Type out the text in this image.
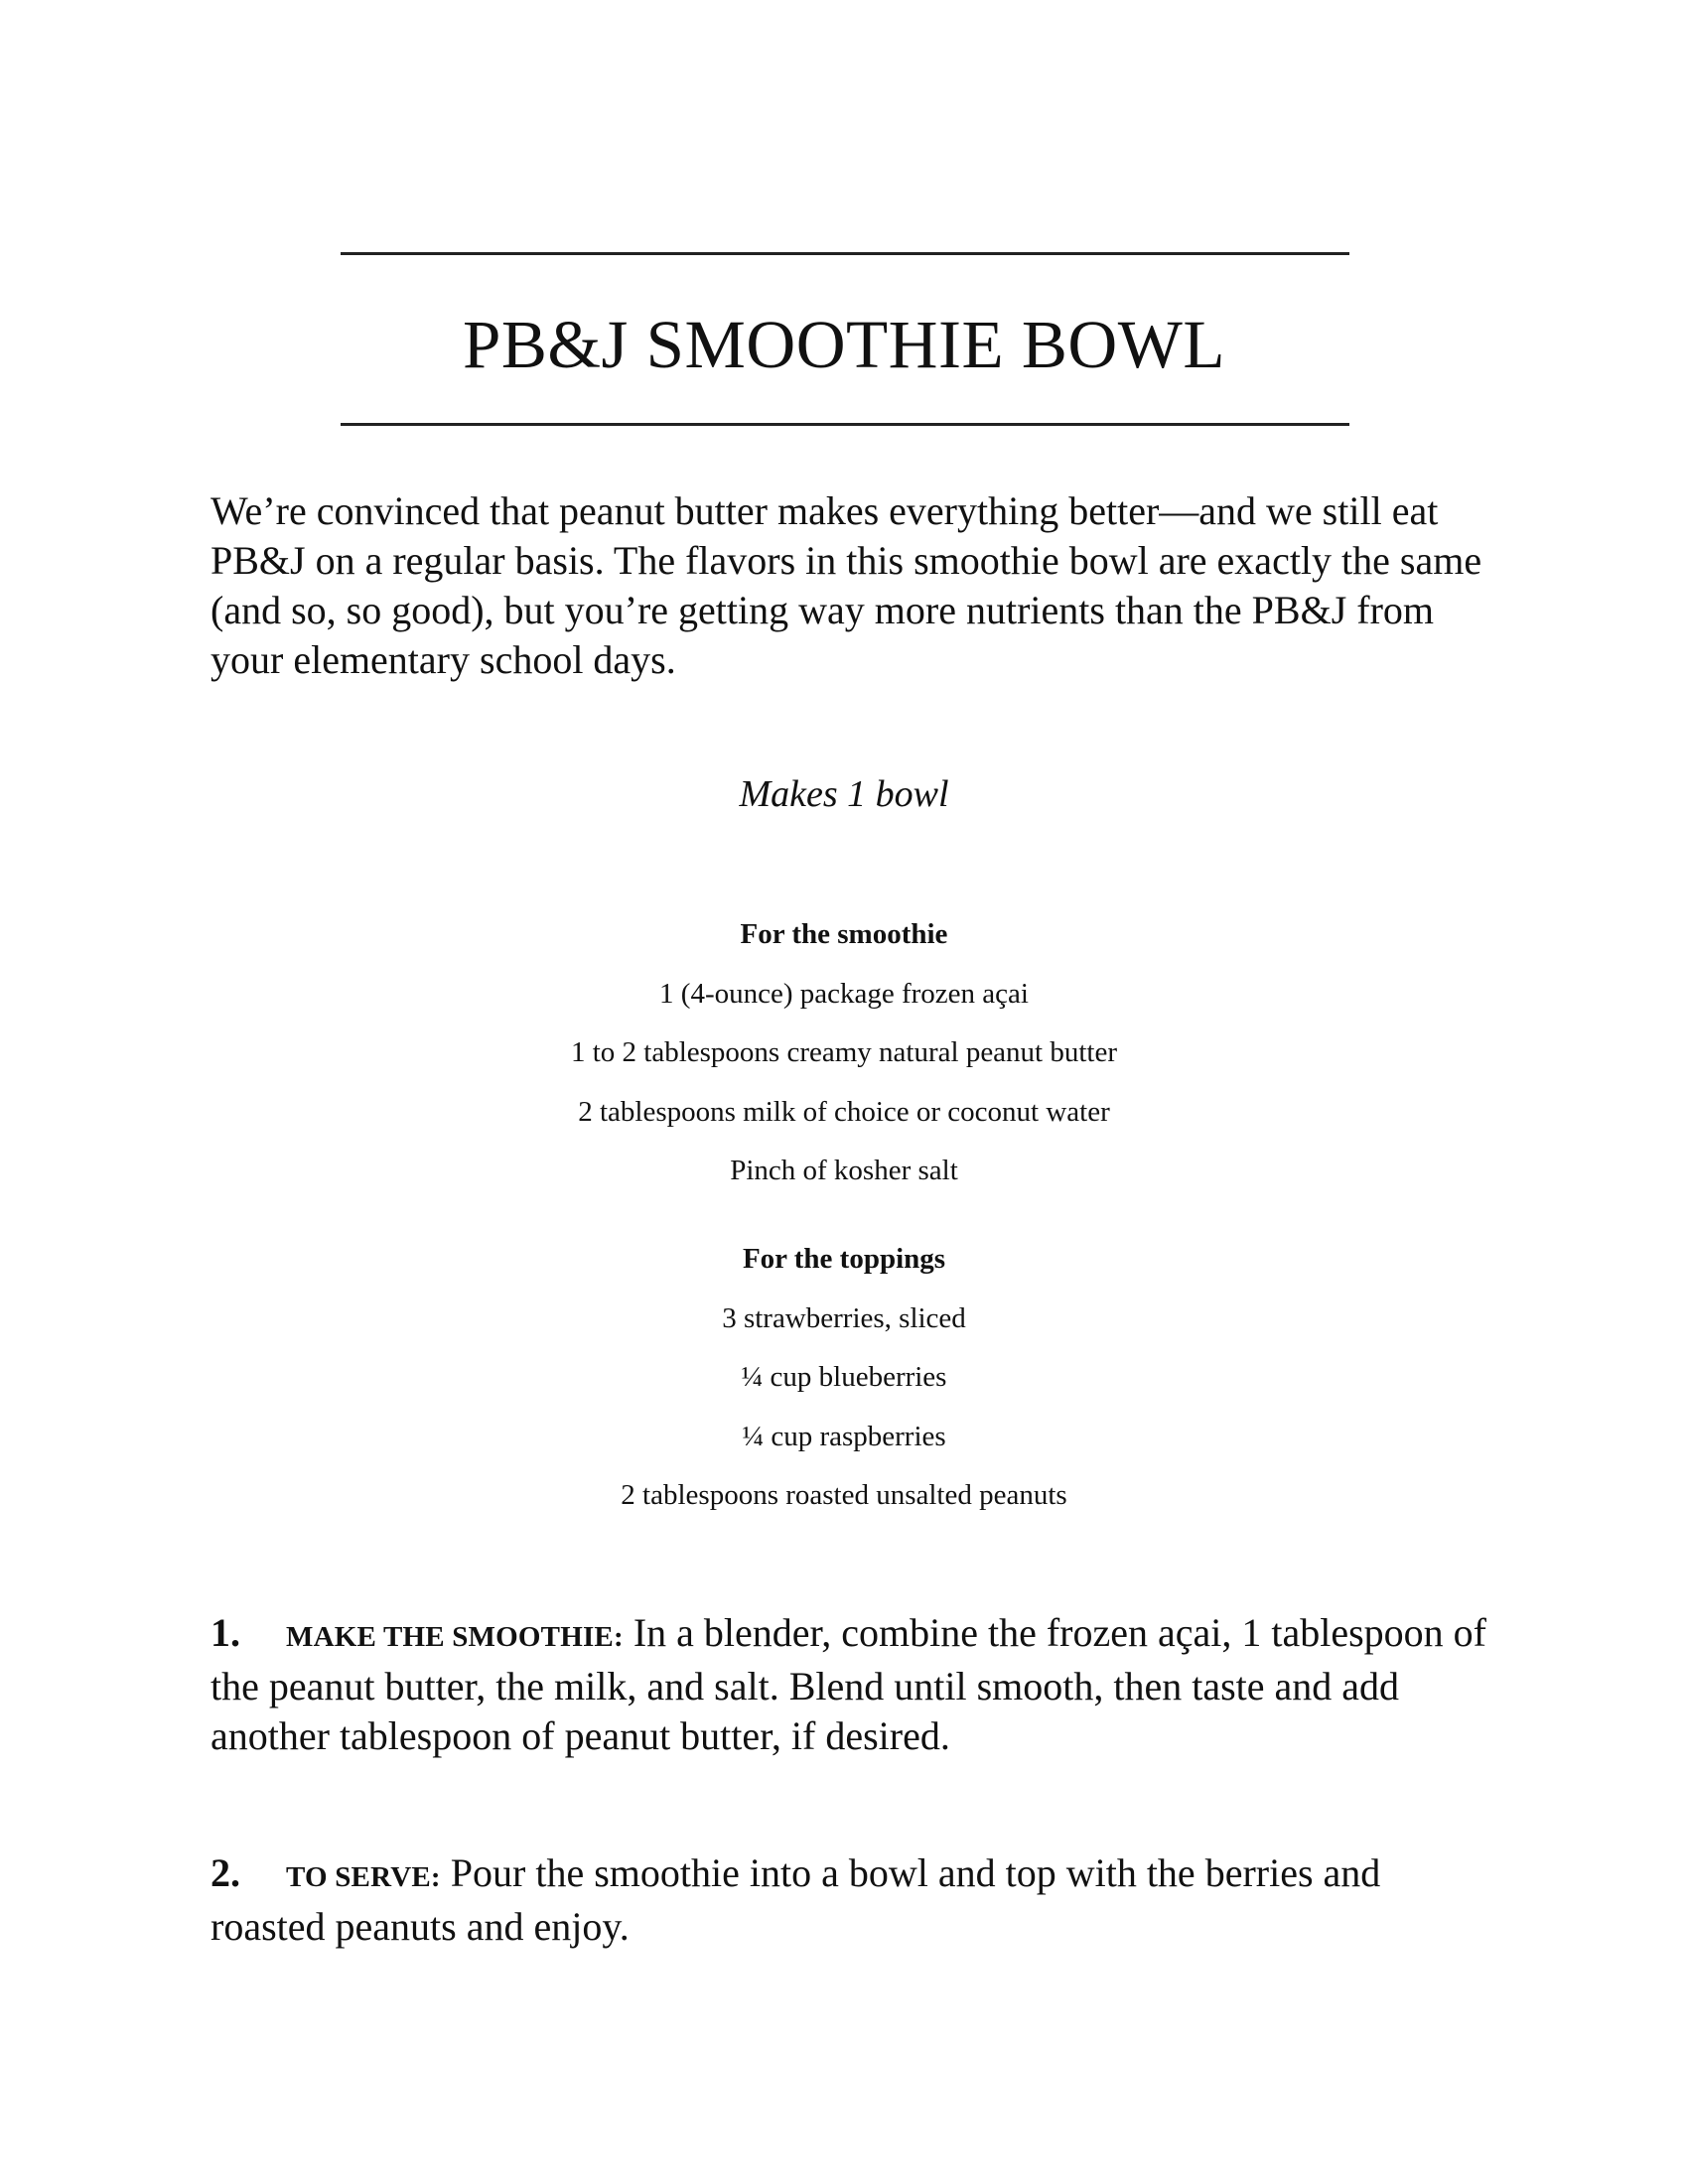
PB&J SMOOTHIE BOWL

We’re convinced that peanut butter makes everything better—and we still eat PB&J on a regular basis. The flavors in this smoothie bowl are exactly the same (and so, so good), but you’re getting way more nutrients than the PB&J from your elementary school days.

Makes 1 bowl

For the smoothie
1 (4-ounce) package frozen açai
1 to 2 tablespoons creamy natural peanut butter
2 tablespoons milk of choice or coconut water
Pinch of kosher salt
For the toppings
3 strawberries, sliced
¼ cup blueberries
¼ cup raspberries
2 tablespoons roasted unsalted peanuts

1. MAKE THE SMOOTHIE: In a blender, combine the frozen açai, 1 tablespoon of the peanut butter, the milk, and salt. Blend until smooth, then taste and add another tablespoon of peanut butter, if desired.

2. TO SERVE: Pour the smoothie into a bowl and top with the berries and roasted peanuts and enjoy.
